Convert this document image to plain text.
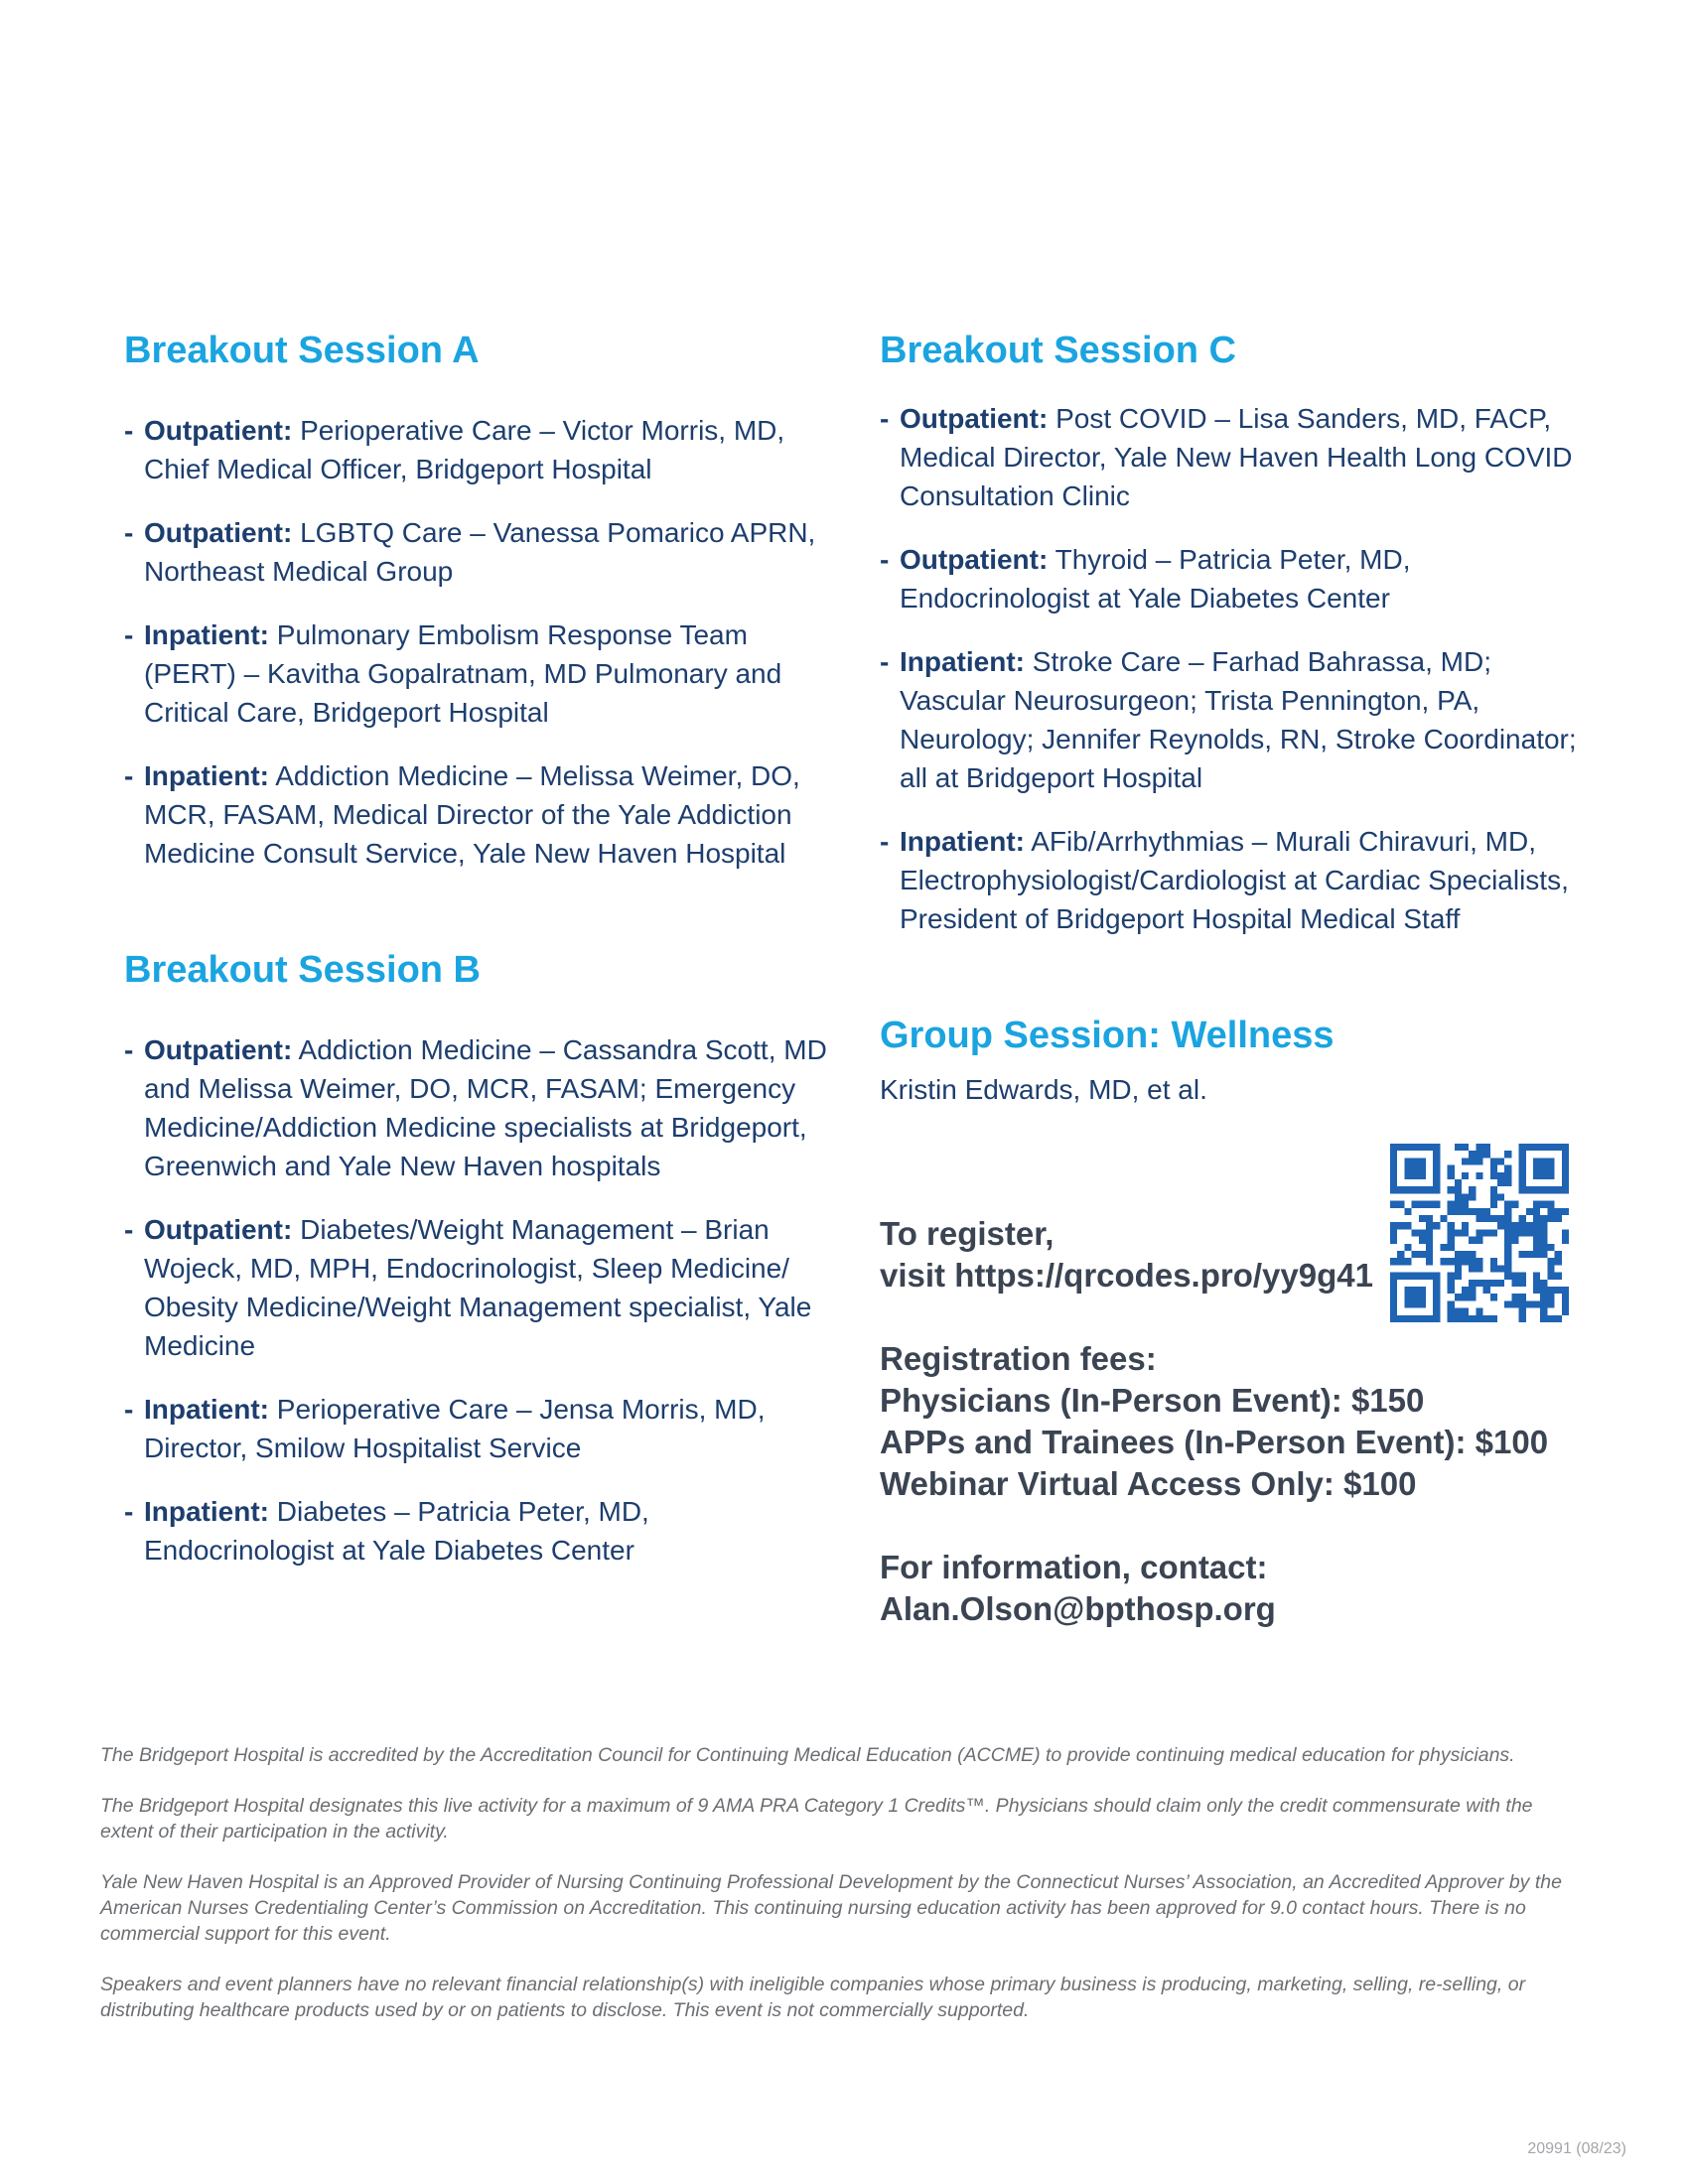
Breakout Session A
- Outpatient: Perioperative Care – Victor Morris, MD, Chief Medical Officer, Bridgeport Hospital
- Outpatient: LGBTQ Care – Vanessa Pomarico APRN, Northeast Medical Group
- Inpatient: Pulmonary Embolism Response Team (PERT) – Kavitha Gopalratnam, MD Pulmonary and Critical Care, Bridgeport Hospital
- Inpatient: Addiction Medicine – Melissa Weimer, DO, MCR, FASAM, Medical Director of the Yale Addiction Medicine Consult Service, Yale New Haven Hospital
Breakout Session B
- Outpatient: Addiction Medicine – Cassandra Scott, MD and Melissa Weimer, DO, MCR, FASAM; Emergency Medicine/Addiction Medicine specialists at Bridgeport, Greenwich and Yale New Haven hospitals
- Outpatient: Diabetes/Weight Management – Brian Wojeck, MD, MPH, Endocrinologist, Sleep Medicine/ Obesity Medicine/Weight Management specialist, Yale Medicine
- Inpatient: Perioperative Care – Jensa Morris, MD, Director, Smilow Hospitalist Service
- Inpatient: Diabetes – Patricia Peter, MD, Endocrinologist at Yale Diabetes Center
Breakout Session C
- Outpatient: Post COVID – Lisa Sanders, MD, FACP, Medical Director, Yale New Haven Health Long COVID Consultation Clinic
- Outpatient: Thyroid – Patricia Peter, MD, Endocrinologist at Yale Diabetes Center
- Inpatient: Stroke Care – Farhad Bahrassa, MD; Vascular Neurosurgeon; Trista Pennington, PA, Neurology; Jennifer Reynolds, RN, Stroke Coordinator; all at Bridgeport Hospital
- Inpatient: AFib/Arrhythmias – Murali Chiravuri, MD, Electrophysiologist/Cardiologist at Cardiac Specialists, President of Bridgeport Hospital Medical Staff
Group Session: Wellness
Kristin Edwards, MD, et al.
To register,
visit https://qrcodes.pro/yy9g41
Registration fees:
Physicians (In-Person Event): $150
APPs and Trainees (In-Person Event): $100
Webinar Virtual Access Only: $100
For information, contact:
Alan.Olson@bpthosp.org

The Bridgeport Hospital is accredited by the Accreditation Council for Continuing Medical Education (ACCME) to provide continuing medical education for physicians.

The Bridgeport Hospital designates this live activity for a maximum of 9 AMA PRA Category 1 Credits™. Physicians should claim only the credit commensurate with the extent of their participation in the activity.

Yale New Haven Hospital is an Approved Provider of Nursing Continuing Professional Development by the Connecticut Nurses’ Association, an Accredited Approver by the American Nurses Credentialing Center’s Commission on Accreditation. This continuing nursing education activity has been approved for 9.0 contact hours. There is no commercial support for this event.

Speakers and event planners have no relevant financial relationship(s) with ineligible companies whose primary business is producing, marketing, selling, re-selling, or distributing healthcare products used by or on patients to disclose. This event is not commercially supported.

20991 (08/23)
